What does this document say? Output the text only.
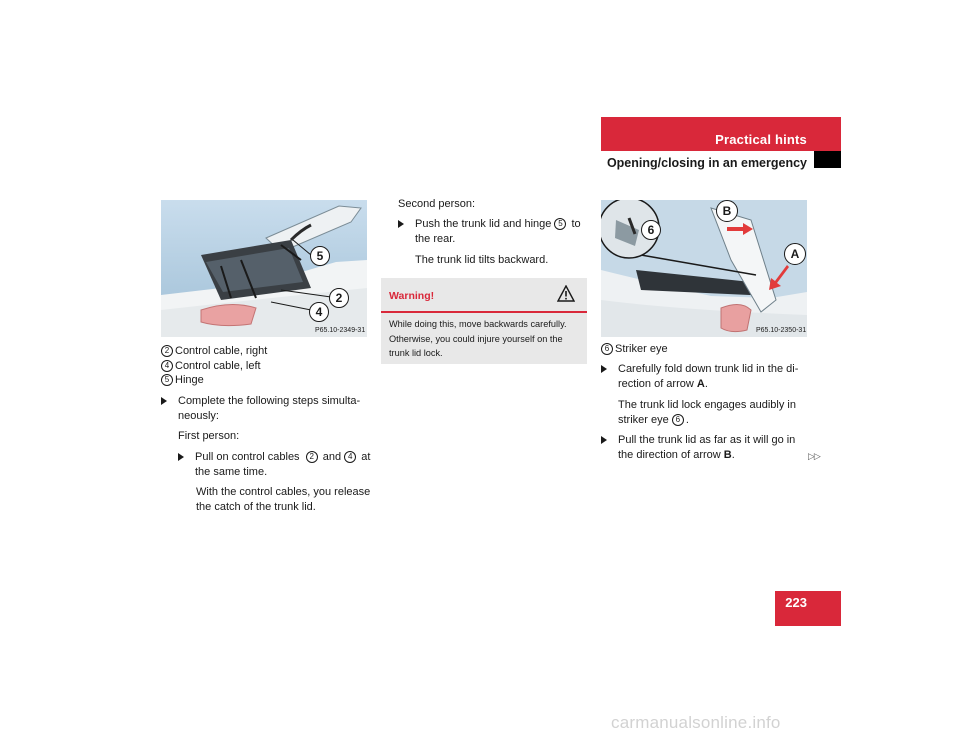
Practical hints
Opening/closing in an emergency
223
5
2
4
P65.10-2349-31
2 Control cable, right
4 Control cable, left
5 Hinge
Complete the following steps simulta-
neously:
First person:
Pull on control cables 2 and 4 at
the same time.
With the control cables, you release
the catch of the trunk lid.
Second person:
Push the trunk lid and hinge 5 to
the rear.
The trunk lid tilts backward.
Warning!
While doing this, move backwards carefully.
Otherwise, you could injure yourself on the
trunk lid lock.
B
A
6
P65.10-2350-31
6 Striker eye
Carefully fold down trunk lid in the di-
rection of arrow A.
The trunk lid lock engages audibly in
striker eye 6 .
Pull the trunk lid as far as it will go in
the direction of arrow B.	▷▷
carmanualsonline.info
